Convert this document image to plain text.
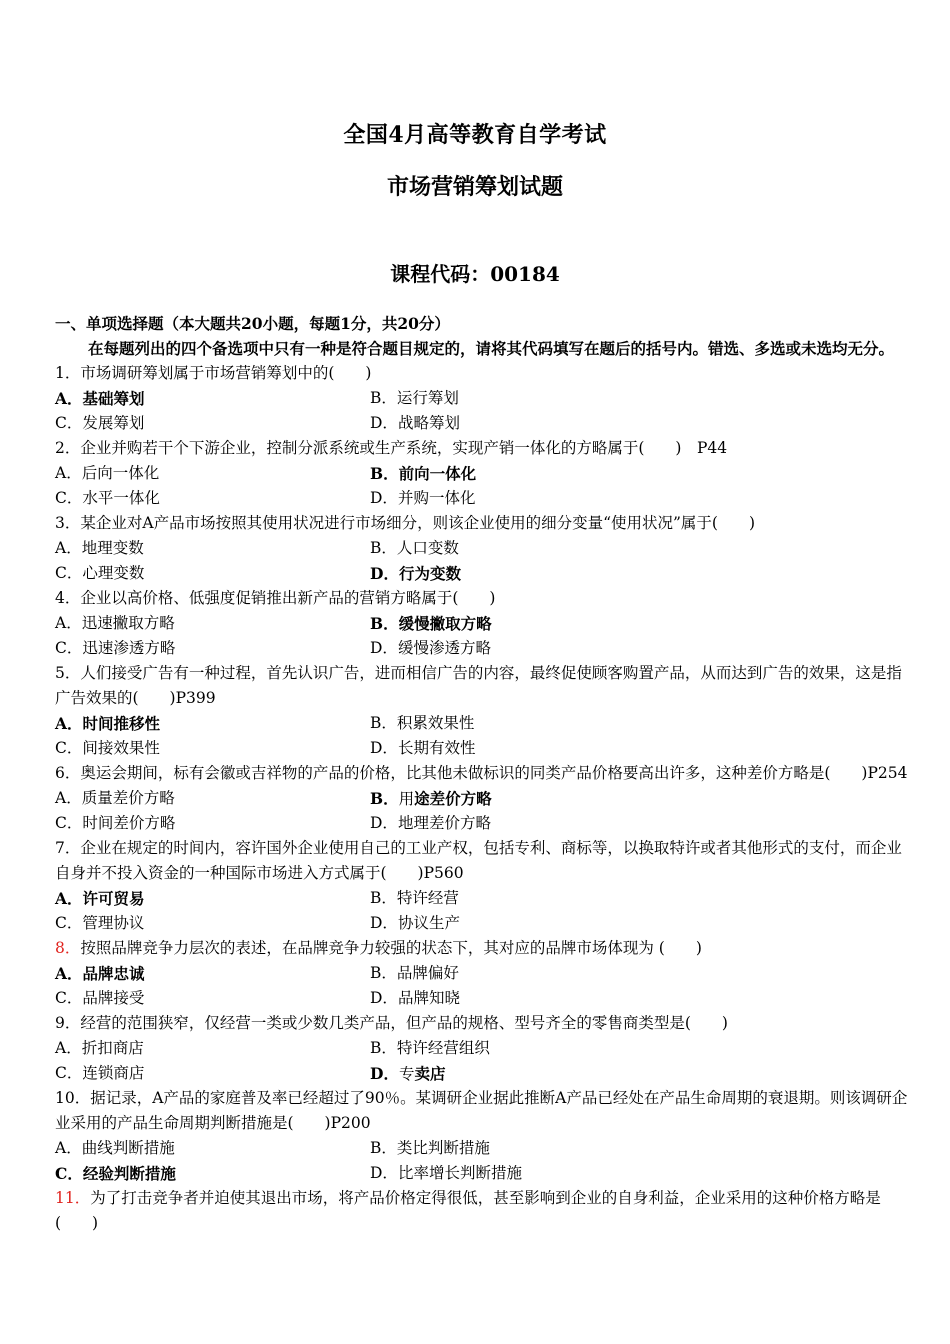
全国4月高等教育自学考试
市场营销筹划试题
课程代码：00184
一、单项选择题（本大题共20小题，每题1分，共20分）
在每题列出的四个备选项中只有一种是符合题目规定的，请将其代码填写在题后的括号内。错选、多选或未选均无分。
1．市场调研筹划属于市场营销筹划中的(　　)
A．基础筹划	B．运行筹划
C．发展筹划	D．战略筹划
2．企业并购若干个下游企业，控制分派系统或生产系统，实现产销一体化的方略属于(　　)　P44
A．后向一体化	B．前向一体化
C．水平一体化	D．并购一体化
3．某企业对A产品市场按照其使用状况进行市场细分，则该企业使用的细分变量“使用状况”属于(　　)
A．地理变数	B．人口变数
C．心理变数	D．行为变数
4．企业以高价格、低强度促销推出新产品的营销方略属于(　　)
A．迅速撇取方略	B．缓慢撇取方略
C．迅速渗透方略	D．缓慢渗透方略
5．人们接受广告有一种过程，首先认识广告，进而相信广告的内容，最终促使顾客购置产品，从而达到广告的效果，这是指广告效果的(　　)P399
A．时间推移性	B．积累效果性
C．间接效果性	D．长期有效性
6．奥运会期间，标有会徽或吉祥物的产品的价格，比其他未做标识的同类产品价格要高出许多，这种差价方略是(　　)P254
A．质量差价方略	B．用途差价方略
C．时间差价方略	D．地理差价方略
7．企业在规定的时间内，容许国外企业使用自己的工业产权，包括专利、商标等，以换取特许或者其他形式的支付，而企业自身并不投入资金的一种国际市场进入方式属于(　　)P560
A．许可贸易	B．特许经营
C．管理协议	D．协议生产
8．按照品牌竞争力层次的表述，在品牌竞争力较强的状态下，其对应的品牌市场体现为 (　　)
A．品牌忠诚	B．品牌偏好
C．品牌接受	D．品牌知晓
9．经营的范围狭窄，仅经营一类或少数几类产品，但产品的规格、型号齐全的零售商类型是(　　)
A．折扣商店	B．特许经营组织
C．连锁商店	D．专卖店
10．据记录，A产品的家庭普及率已经超过了90％。某调研企业据此推断A产品已经处在产品生命周期的衰退期。则该调研企业采用的产品生命周期判断措施是(　　)P200
A．曲线判断措施	B．类比判断措施
C．经验判断措施	D．比率增长判断措施
11．为了打击竞争者并迫使其退出市场，将产品价格定得很低，甚至影响到企业的自身利益，企业采用的这种价格方略是(　　)
